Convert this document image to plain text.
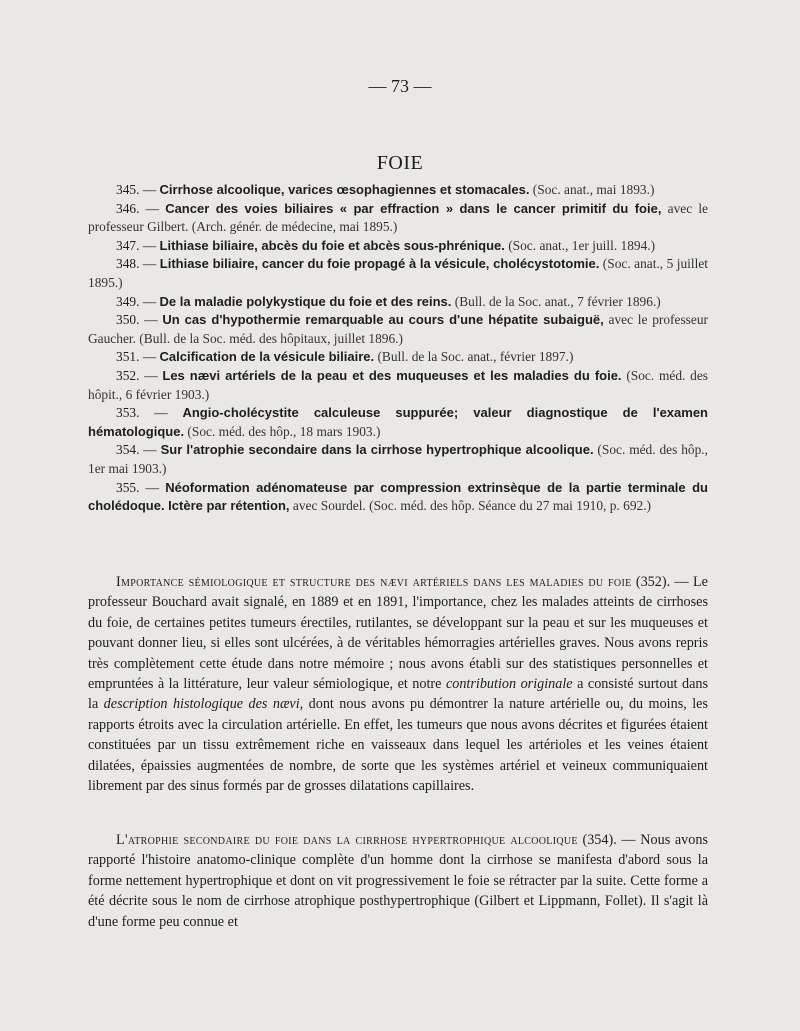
— 73 —
FOIE
345. — Cirrhose alcoolique, varices œsophagiennes et stomacales. (Soc. anat., mai 1893.)
346. — Cancer des voies biliaires « par effraction » dans le cancer primitif du foie, avec le professeur Gilbert. (Arch. génér. de médecine, mai 1895.)
347. — Lithiase biliaire, abcès du foie et abcès sous-phrénique. (Soc. anat., 1er juill. 1894.)
348. — Lithiase biliaire, cancer du foie propagé à la vésicule, cholécystotomie. (Soc. anat., 5 juillet 1895.)
349. — De la maladie polykystique du foie et des reins. (Bull. de la Soc. anat., 7 février 1896.)
350. — Un cas d'hypothermie remarquable au cours d'une hépatite subaiguë, avec le professeur Gaucher. (Bull. de la Soc. méd. des hôpitaux, juillet 1896.)
351. — Calcification de la vésicule biliaire. (Bull. de la Soc. anat., février 1897.)
352. — Les nævi artériels de la peau et des muqueuses et les maladies du foie. (Soc. méd. des hôpit., 6 février 1903.)
353. — Angio-cholécystite calculeuse suppurée; valeur diagnostique de l'examen hématologique. (Soc. méd. des hôp., 18 mars 1903.)
354. — Sur l'atrophie secondaire dans la cirrhose hypertrophique alcoolique. (Soc. méd. des hôp., 1er mai 1903.)
355. — Néoformation adénomateuse par compression extrinsèque de la partie terminale du cholédoque. Ictère par rétention, avec Sourdel. (Soc. méd. des hôp. Séance du 27 mai 1910, p. 692.)
Importance sémiologique et structure des nævi artériels dans les maladies du foie (352). — Le professeur Bouchard avait signalé, en 1889 et en 1891, l'importance, chez les malades atteints de cirrhoses du foie, de certaines petites tumeurs érectiles, rutilantes, se développant sur la peau et sur les muqueuses et pouvant donner lieu, si elles sont ulcérées, à de véritables hémorragies artérielles graves. Nous avons repris très complètement cette étude dans notre mémoire ; nous avons établi sur des statistiques personnelles et empruntées à la littérature, leur valeur sémiologique, et notre contribution originale a consisté surtout dans la description histologique des nævi, dont nous avons pu démontrer la nature artérielle ou, du moins, les rapports étroits avec la circulation artérielle. En effet, les tumeurs que nous avons décrites et figurées étaient constituées par un tissu extrêmement riche en vaisseaux dans lequel les artérioles et les veines étaient dilatées, épaissies augmentées de nombre, de sorte que les systèmes artériel et veineux communiquaient librement par des sinus formés par de grosses dilatations capillaires.
L'atrophie secondaire du foie dans la cirrhose hypertrophique alcoolique (354). — Nous avons rapporté l'histoire anatomo-clinique complète d'un homme dont la cirrhose se manifesta d'abord sous la forme nettement hypertrophique et dont on vit progressivement le foie se rétracter par la suite. Cette forme a été décrite sous le nom de cirrhose atrophique posthypertrophique (Gilbert et Lippmann, Follet). Il s'agit là d'une forme peu connue et
